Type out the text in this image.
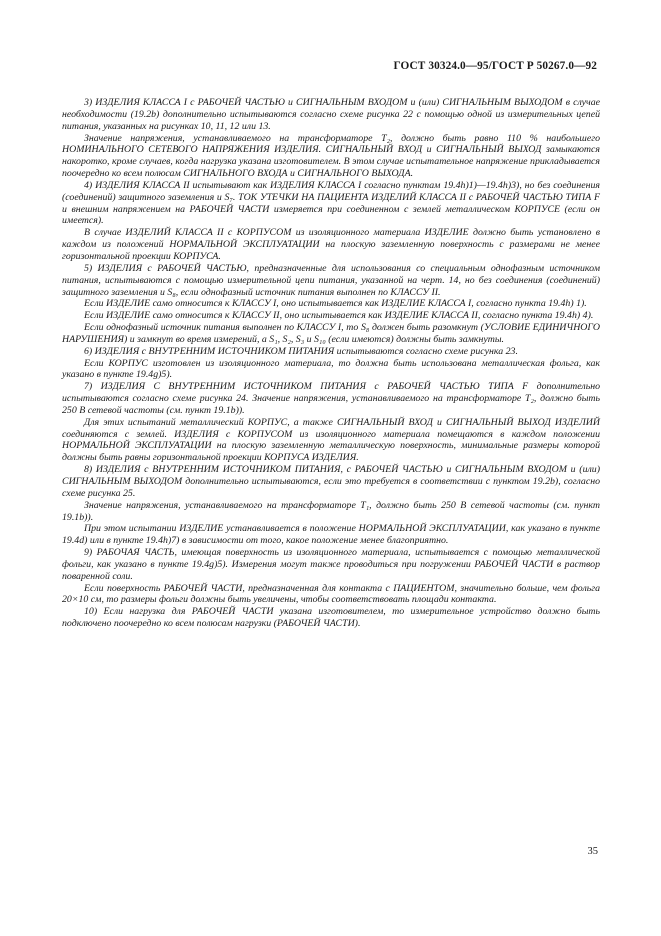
ГОСТ 30324.0—95/ГОСТ Р 50267.0—92

3) ИЗДЕЛИЯ КЛАССА I с РАБОЧЕЙ ЧАСТЬЮ и СИГНАЛЬНЫМ ВХОДОМ и (или) СИГНАЛЬНЫМ ВЫХОДОМ в случае необходимости (19.2b) дополнительно испытываются согласно схеме рисунка 22 с помощью одной из измерительных цепей питания, указанных на рисунках 10, 11, 12 или 13.

Значение напряжения, устанавливаемого на трансформаторе T₂, должно быть равно 110 % наибольшего НОМИНАЛЬНОГО СЕТЕВОГО НАПРЯЖЕНИЯ ИЗДЕЛИЯ. СИГНАЛЬНЫЙ ВХОД и СИГНАЛЬНЫЙ ВЫХОД замыкаются накоротко, кроме случаев, когда нагрузка указана изготовителем. В этом случае испытательное напряжение прикладывается поочередно ко всем полюсам СИГНАЛЬНОГО ВХОДА и СИГНАЛЬНОГО ВЫХОДА.

4) ИЗДЕЛИЯ КЛАССА II испытывают как ИЗДЕЛИЯ КЛАССА I согласно пунктам 19.4h)1)—19.4h)3), но без соединения (соединений) защитного заземления и S₇. ТОК УТЕЧКИ НА ПАЦИЕНТА ИЗДЕЛИЙ КЛАССА II с РАБОЧЕЙ ЧАСТЬЮ ТИПА F и внешним напряжением на РАБОЧЕЙ ЧАСТИ измеряется при соединенном с землей металлическом КОРПУСЕ (если он имеется).

В случае ИЗДЕЛИЙ КЛАССА II с КОРПУСОМ из изоляционного материала ИЗДЕЛИЕ должно быть установлено в каждом из положений НОРМАЛЬНОЙ ЭКСПЛУАТАЦИИ на плоскую заземленную поверхность с размерами не менее горизонтальной проекции КОРПУСА.

5) ИЗДЕЛИЯ с РАБОЧЕЙ ЧАСТЬЮ, предназначенные для использования со специальным однофазным источником питания, испытываются с помощью измерительной цепи питания, указанной на черт. 14, но без соединения (соединений) защитного заземления и S₈, если однофазный источник питания выполнен по КЛАССУ II.

Если ИЗДЕЛИЕ само относится к КЛАССУ I, оно испытывается как ИЗДЕЛИЕ КЛАССА I, согласно пункта 19.4h) 1).

Если ИЗДЕЛИЕ само относится к КЛАССУ II, оно испытывается как ИЗДЕЛИЕ КЛАССА II, согласно пункта 19.4h) 4).

Если однофазный источник питания выполнен по КЛАССУ I, то S₈ должен быть разомкнут (УСЛОВИЕ ЕДИНИЧНОГО НАРУШЕНИЯ) и замкнут во время измерений, а S₁, S₂, S₃ и S₁₀ (если имеются) должны быть замкнуты.

6) ИЗДЕЛИЯ с ВНУТРЕННИМ ИСТОЧНИКОМ ПИТАНИЯ испытываются согласно схеме рисунка 23.

Если КОРПУС изготовлен из изоляционного материала, то должна быть использована металлическая фольга, как указано в пункте 19.4g)5).

7) ИЗДЕЛИЯ С ВНУТРЕННИМ ИСТОЧНИКОМ ПИТАНИЯ с РАБОЧЕЙ ЧАСТЬЮ ТИПА F дополнительно испытываются согласно схеме рисунка 24. Значение напряжения, устанавливаемого на трансформаторе T₂, должно быть 250 В сетевой частоты (см. пункт 19.1b)).

Для этих испытаний металлический КОРПУС, а также СИГНАЛЬНЫЙ ВХОД и СИГНАЛЬНЫЙ ВЫХОД ИЗДЕЛИЙ соединяются с землей. ИЗДЕЛИЯ с КОРПУСОМ из изоляционного материала помещаются в каждом положении НОРМАЛЬНОЙ ЭКСПЛУАТАЦИИ на плоскую заземленную металлическую поверхность, минимальные размеры которой должны быть равны горизонтальной проекции КОРПУСА ИЗДЕЛИЯ.

8) ИЗДЕЛИЯ с ВНУТРЕННИМ ИСТОЧНИКОМ ПИТАНИЯ, с РАБОЧЕЙ ЧАСТЬЮ и СИГНАЛЬНЫМ ВХОДОМ и (или) СИГНАЛЬНЫМ ВЫХОДОМ дополнительно испытываются, если это требуется в соответствии с пунктом 19.2b), согласно схеме рисунка 25.

Значение напряжения, устанавливаемого на трансформаторе T₁, должно быть 250 В сетевой частоты (см. пункт 19.1b)).

При этом испытании ИЗДЕЛИЕ устанавливается в положение НОРМАЛЬНОЙ ЭКСПЛУАТАЦИИ, как указано в пункте 19.4d) или в пункте 19.4h)7) в зависимости от того, какое положение менее благоприятно.

9) РАБОЧАЯ ЧАСТЬ, имеющая поверхность из изоляционного материала, испытывается с помощью металлической фольги, как указано в пункте 19.4g)5). Измерения могут также проводиться при погружении РАБОЧЕЙ ЧАСТИ в раствор поваренной соли.

Если поверхность РАБОЧЕЙ ЧАСТИ, предназначенная для контакта с ПАЦИЕНТОМ, значительно больше, чем фольга 20×10 см, то размеры фольги должны быть увеличены, чтобы соответствовать площади контакта.

10) Если нагрузка для РАБОЧЕЙ ЧАСТИ указана изготовителем, то измерительное устройство должно быть подключено поочередно ко всем полюсам нагрузки (РАБОЧЕЙ ЧАСТИ).

35
